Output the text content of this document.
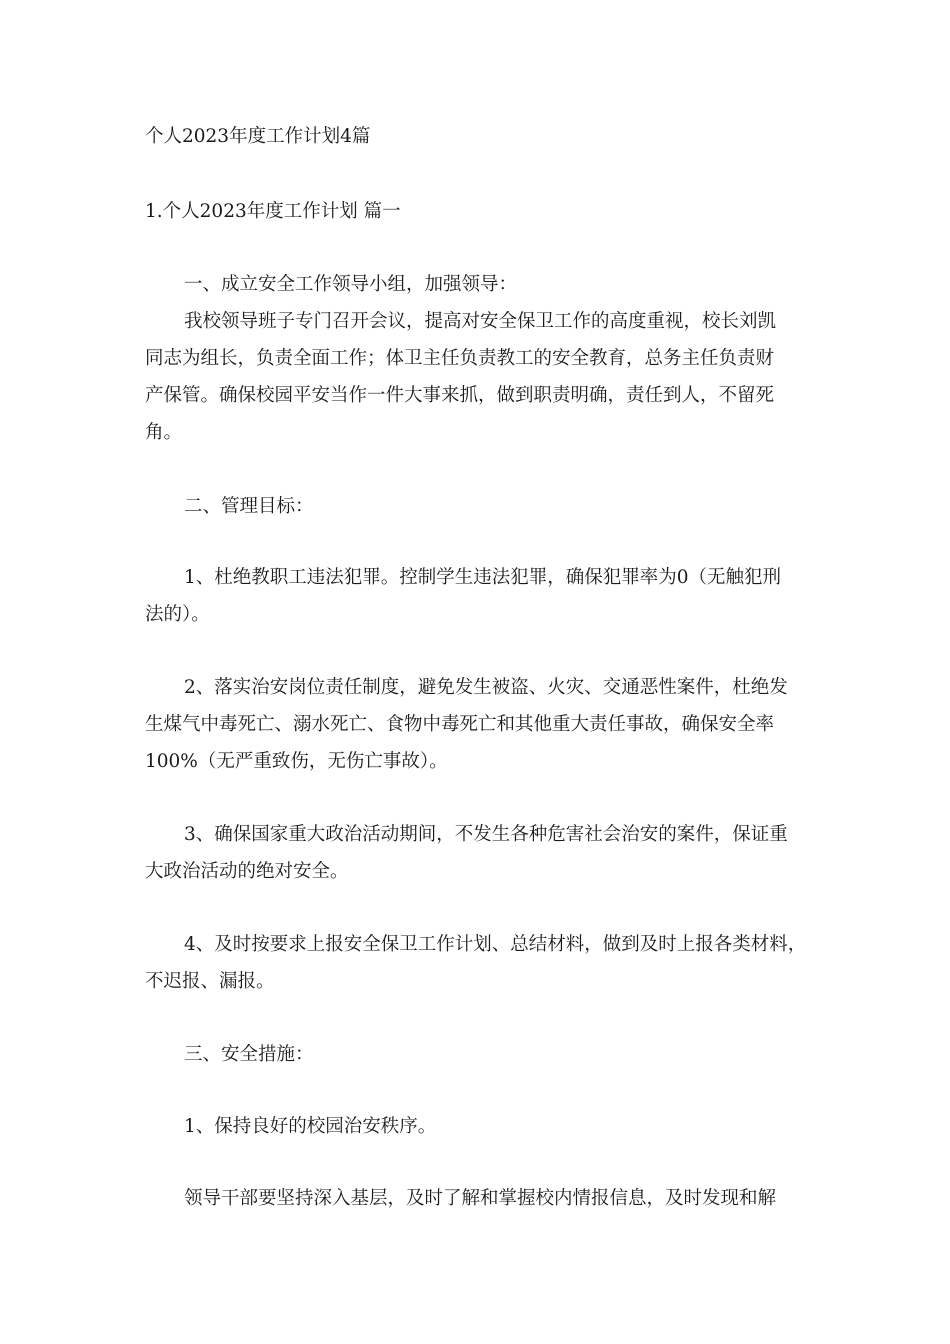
个人2023年度工作计划4篇
1.个人2023年度工作计划 篇一
一、成立安全工作领导小组，加强领导：
我校领导班子专门召开会议，提高对安全保卫工作的高度重视，校长刘凯
同志为组长，负责全面工作；体卫主任负责教工的安全教育，总务主任负责财
产保管。确保校园平安当作一件大事来抓，做到职责明确，责任到人，不留死
角。
二、管理目标：
1、杜绝教职工违法犯罪。控制学生违法犯罪，确保犯罪率为0（无触犯刑
法的）。
2、落实治安岗位责任制度，避免发生被盗、火灾、交通恶性案件，杜绝发
生煤气中毒死亡、溺水死亡、食物中毒死亡和其他重大责任事故，确保安全率
100%（无严重致伤，无伤亡事故）。
3、确保国家重大政治活动期间，不发生各种危害社会治安的案件，保证重
大政治活动的绝对安全。
4、及时按要求上报安全保卫工作计划、总结材料，做到及时上报各类材料，
不迟报、漏报。
三、安全措施：
1、保持良好的校园治安秩序。
领导干部要坚持深入基层，及时了解和掌握校内情报信息，及时发现和解
